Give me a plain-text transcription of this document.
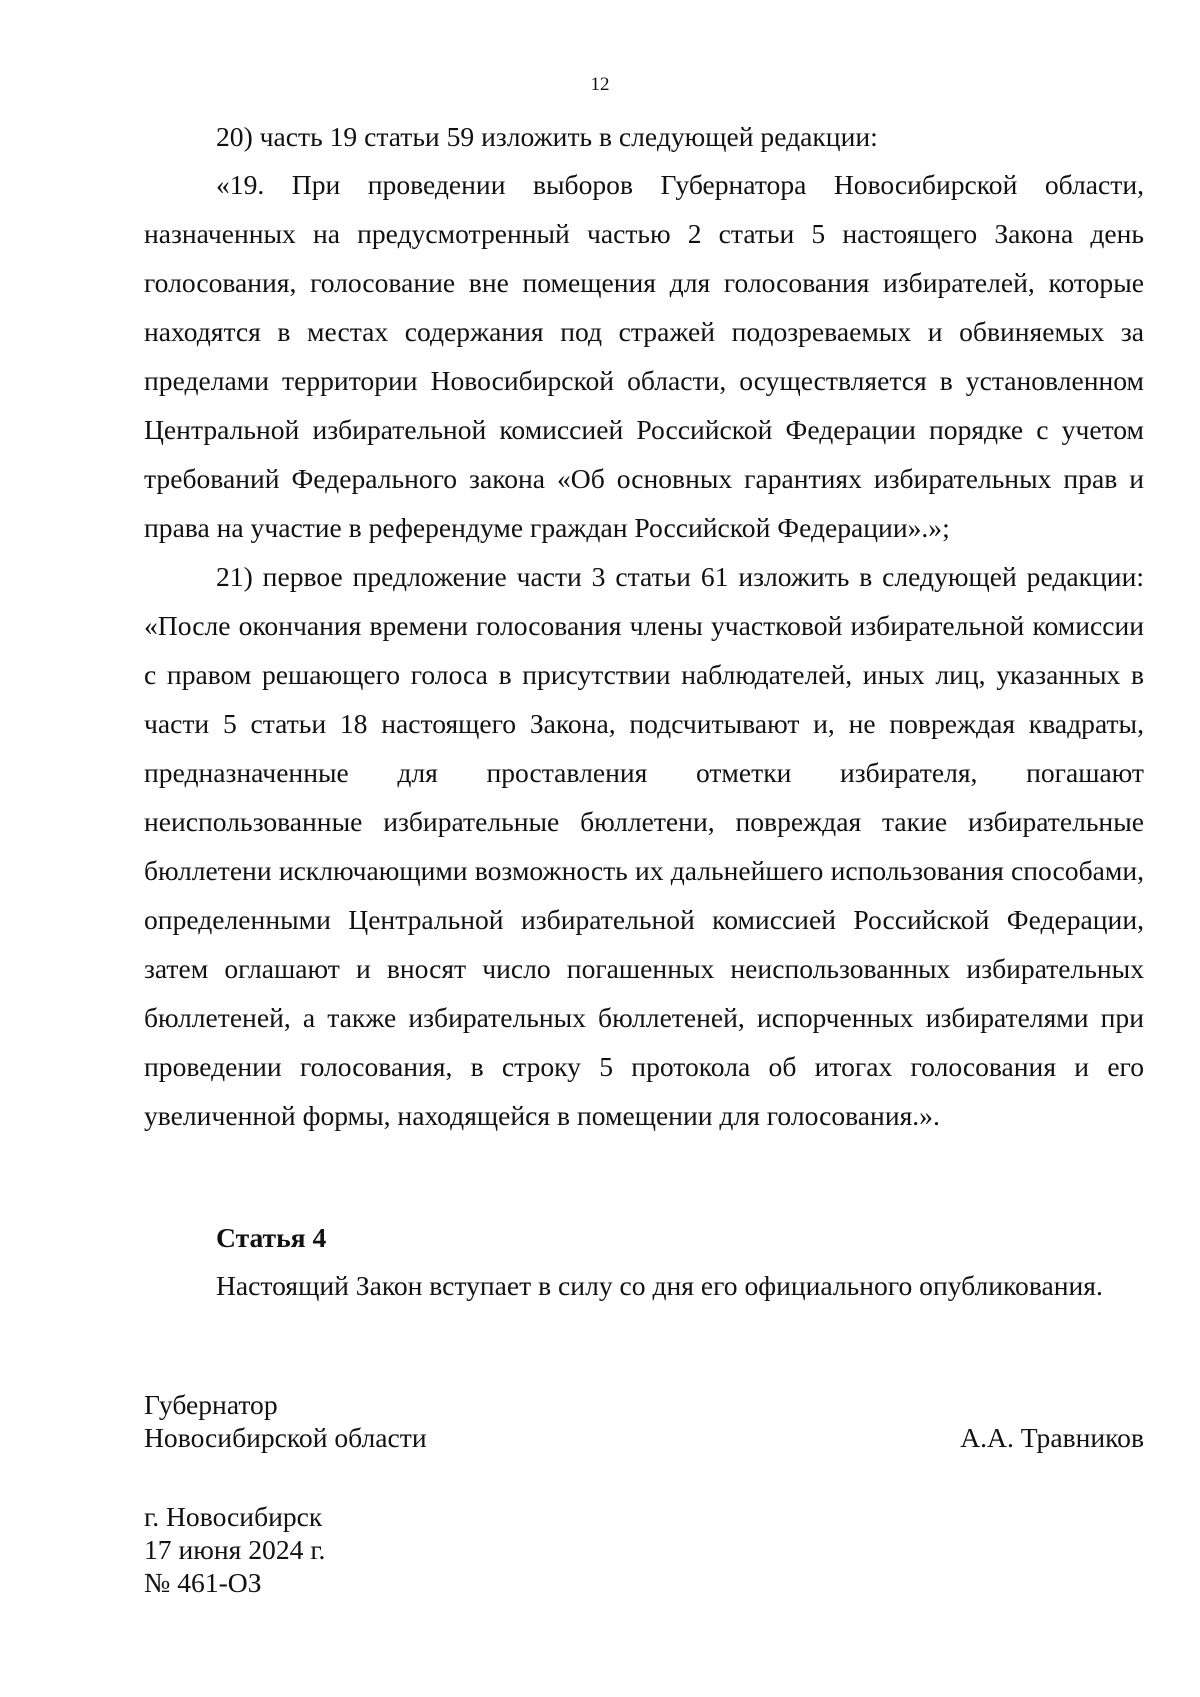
12

20) часть 19 статьи 59 изложить в следующей редакции:

«19. При проведении выборов Губернатора Новосибирской области, назначенных на предусмотренный частью 2 статьи 5 настоящего Закона день голосования, голосование вне помещения для голосования избирателей, которые находятся в местах содержания под стражей подозреваемых и обвиняемых за пределами территории Новосибирской области, осуществляется в установленном Центральной избирательной комиссией Российской Федерации порядке с учетом требований Федерального закона «Об основных гарантиях избирательных прав и права на участие в референдуме граждан Российской Федерации».»;

21) первое предложение части 3 статьи 61 изложить в следующей редакции: «После окончания времени голосования члены участковой избирательной комиссии с правом решающего голоса в присутствии наблюдателей, иных лиц, указанных в части 5 статьи 18 настоящего Закона, подсчитывают и, не повреждая квадраты, предназначенные для проставления отметки избирателя, погашают неиспользованные избирательные бюллетени, повреждая такие избирательные бюллетени исключающими возможность их дальнейшего использования способами, определенными Центральной избирательной комиссией Российской Федерации, затем оглашают и вносят число погашенных неиспользованных избирательных бюллетеней, а также избирательных бюллетеней, испорченных избирателями при проведении голосования, в строку 5 протокола об итогах голосования и его увеличенной формы, находящейся в помещении для голосования.».

Статья 4

Настоящий Закон вступает в силу со дня его официального опубликования.

Губернатор
Новосибирской области	А.А. Травников
г. Новосибирск
17 июня 2024 г.
№ 461-ОЗ
